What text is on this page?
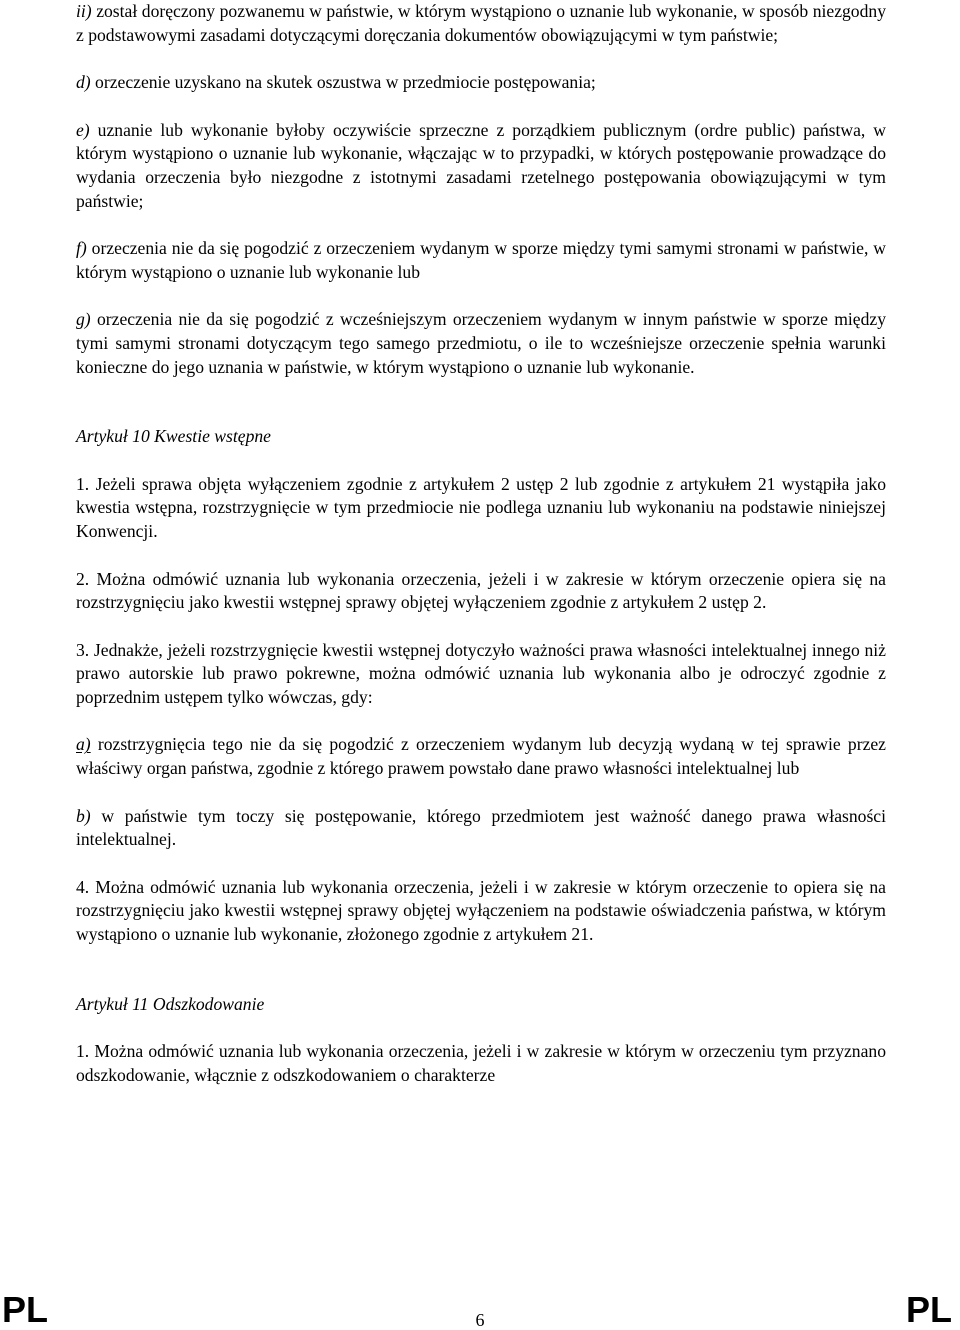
ii) został doręczony pozwanemu w państwie, w którym wystąpiono o uznanie lub wykonanie, w sposób niezgodny z podstawowymi zasadami dotyczącymi doręczania dokumentów obowiązującymi w tym państwie;

d) orzeczenie uzyskano na skutek oszustwa w przedmiocie postępowania;

e) uznanie lub wykonanie byłoby oczywiście sprzeczne z porządkiem publicznym (ordre public) państwa, w którym wystąpiono o uznanie lub wykonanie, włączając w to przypadki, w których postępowanie prowadzące do wydania orzeczenia było niezgodne z istotnymi zasadami rzetelnego postępowania obowiązującymi w tym państwie;

f) orzeczenia nie da się pogodzić z orzeczeniem wydanym w sporze między tymi samymi stronami w państwie, w którym wystąpiono o uznanie lub wykonanie lub

g) orzeczenia nie da się pogodzić z wcześniejszym orzeczeniem wydanym w innym państwie w sporze między tymi samymi stronami dotyczącym tego samego przedmiotu, o ile to wcześniejsze orzeczenie spełnia warunki konieczne do jego uznania w państwie, w którym wystąpiono o uznanie lub wykonanie.

Artykuł 10 Kwestie wstępne

1. Jeżeli sprawa objęta wyłączeniem zgodnie z artykułem 2 ustęp 2 lub zgodnie z artykułem 21 wystąpiła jako kwestia wstępna, rozstrzygnięcie w tym przedmiocie nie podlega uznaniu lub wykonaniu na podstawie niniejszej Konwencji.

2. Można odmówić uznania lub wykonania orzeczenia, jeżeli i w zakresie w którym orzeczenie opiera się na rozstrzygnięciu jako kwestii wstępnej sprawy objętej wyłączeniem zgodnie z artykułem 2 ustęp 2.

3. Jednakże, jeżeli rozstrzygnięcie kwestii wstępnej dotyczyło ważności prawa własności intelektualnej innego niż prawo autorskie lub prawo pokrewne, można odmówić uznania lub wykonania albo je odroczyć zgodnie z poprzednim ustępem tylko wówczas, gdy:

a) rozstrzygnięcia tego nie da się pogodzić z orzeczeniem wydanym lub decyzją wydaną w tej sprawie przez właściwy organ państwa, zgodnie z którego prawem powstało dane prawo własności intelektualnej lub

b) w państwie tym toczy się postępowanie, którego przedmiotem jest ważność danego prawa własności intelektualnej.

4. Można odmówić uznania lub wykonania orzeczenia, jeżeli i w zakresie w którym orzeczenie to opiera się na rozstrzygnięciu jako kwestii wstępnej sprawy objętej wyłączeniem na podstawie oświadczenia państwa, w którym wystąpiono o uznanie lub wykonanie, złożonego zgodnie z artykułem 21.

Artykuł 11 Odszkodowanie

1. Można odmówić uznania lub wykonania orzeczenia, jeżeli i w zakresie w którym w orzeczeniu tym przyznano odszkodowanie, włącznie z odszkodowaniem o charakterze

PL	6	PL
